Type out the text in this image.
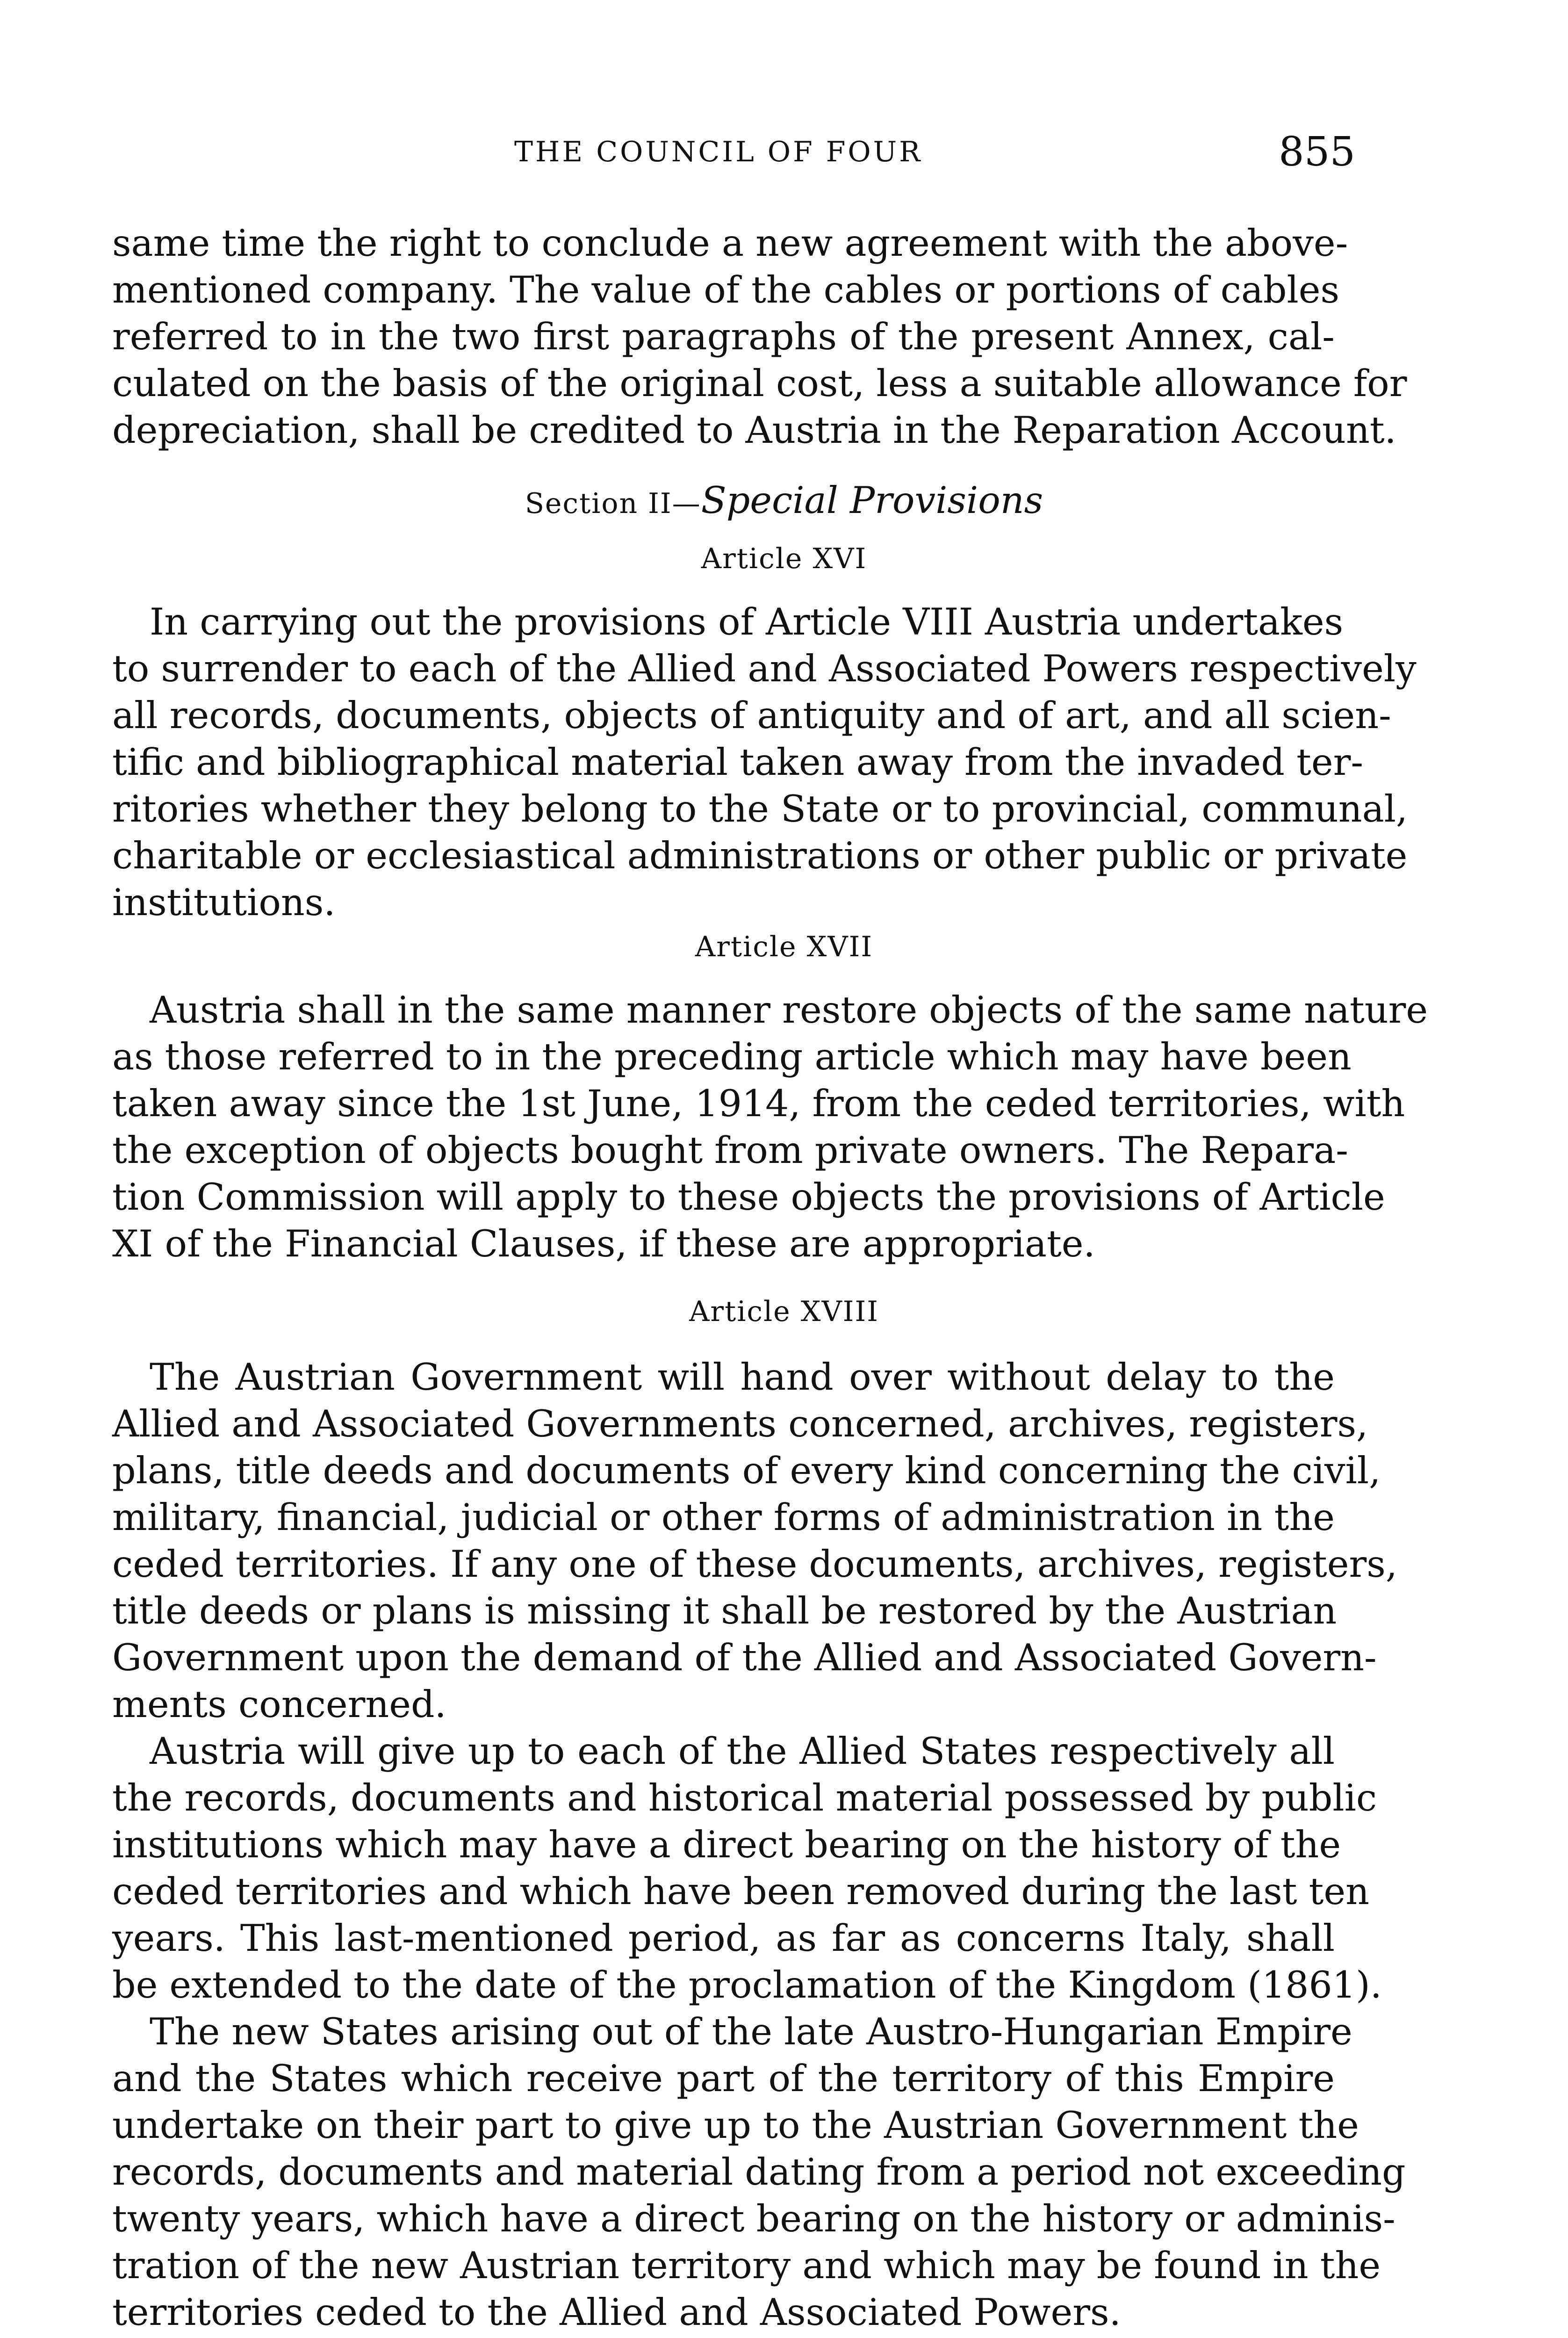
THE COUNCIL OF FOUR	855
same time the right to conclude a new agreement with the above-
mentioned company. The value of the cables or portions of cables
referred to in the two first paragraphs of the present Annex, cal-
culated on the basis of the original cost, less a suitable allowance for
depreciation, shall be credited to Austria in the Reparation Account.
Section II—Special Provisions
Article XVI
In carrying out the provisions of Article VIII Austria undertakes
to surrender to each of the Allied and Associated Powers respectively
all records, documents, objects of antiquity and of art, and all scien-
tific and bibliographical material taken away from the invaded ter-
ritories whether they belong to the State or to provincial, communal,
charitable or ecclesiastical administrations or other public or private
institutions.
Article XVII
Austria shall in the same manner restore objects of the same nature
as those referred to in the preceding article which may have been
taken away since the 1st June, 1914, from the ceded territories, with
the exception of objects bought from private owners. The Repara-
tion Commission will apply to these objects the provisions of Article
XI of the Financial Clauses, if these are appropriate.
Article XVIII
The Austrian Government will hand over without delay to the
Allied and Associated Governments concerned, archives, registers,
plans, title deeds and documents of every kind concerning the civil,
military, financial, judicial or other forms of administration in the
ceded territories. If any one of these documents, archives, registers,
title deeds or plans is missing it shall be restored by the Austrian
Government upon the demand of the Allied and Associated Govern-
ments concerned.
Austria will give up to each of the Allied States respectively all
the records, documents and historical material possessed by public
institutions which may have a direct bearing on the history of the
ceded territories and which have been removed during the last ten
years. This last-mentioned period, as far as concerns Italy, shall
be extended to the date of the proclamation of the Kingdom (1861).
The new States arising out of the late Austro-Hungarian Empire
and the States which receive part of the territory of this Empire
undertake on their part to give up to the Austrian Government the
records, documents and material dating from a period not exceeding
twenty years, which have a direct bearing on the history or adminis-
tration of the new Austrian territory and which may be found in the
territories ceded to the Allied and Associated Powers.
